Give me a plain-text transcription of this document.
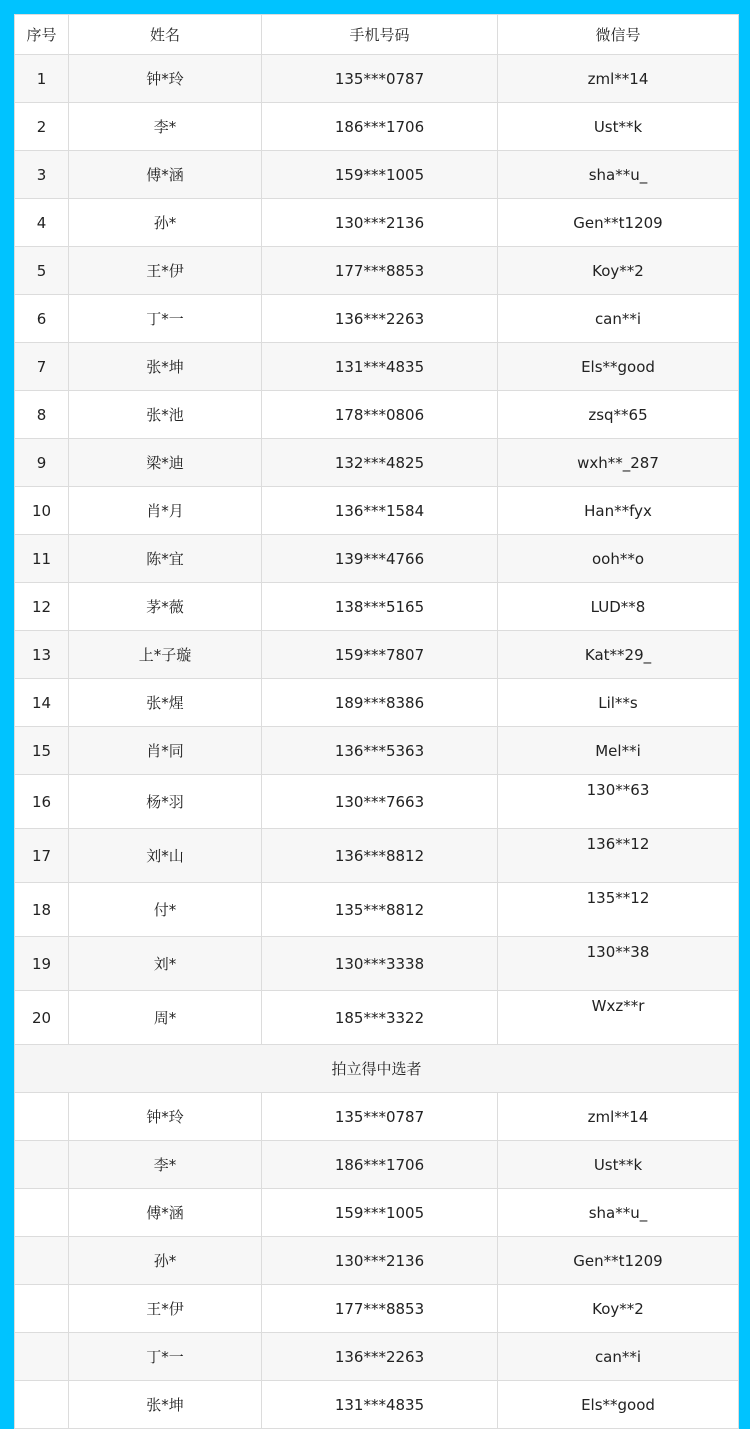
序号	姓名	手机号码	微信号
1	钟*玲	135***0787	zml**14
2	李*	186***1706	Ust**k
3	傅*涵	159***1005	sha**u_
4	孙*	130***2136	Gen**t1209
5	王*伊	177***8853	Koy**2
6	丁*一	136***2263	can**i
7	张*坤	131***4835	Els**good
8	张*池	178***0806	zsq**65
9	梁*迪	132***4825	wxh**_287
10	肖*月	136***1584	Han**fyx
11	陈*宜	139***4766	ooh**o
12	茅*薇	138***5165	LUD**8
13	上*子璇	159***7807	Kat**29_
14	张*煋	189***8386	Lil**s
15	肖*同	136***5363	Mel**i
16	杨*羽	130***7663	130**63
17	刘*山	136***8812	136**12
18	付*	135***8812	135**12
19	刘*	130***3338	130**38
20	周*	185***3322	Wxz**r
拍立得中选者			
	钟*玲	135***0787	zml**14
	李*	186***1706	Ust**k
	傅*涵	159***1005	sha**u_
	孙*	130***2136	Gen**t1209
	王*伊	177***8853	Koy**2
	丁*一	136***2263	can**i
	张*坤	131***4835	Els**good
